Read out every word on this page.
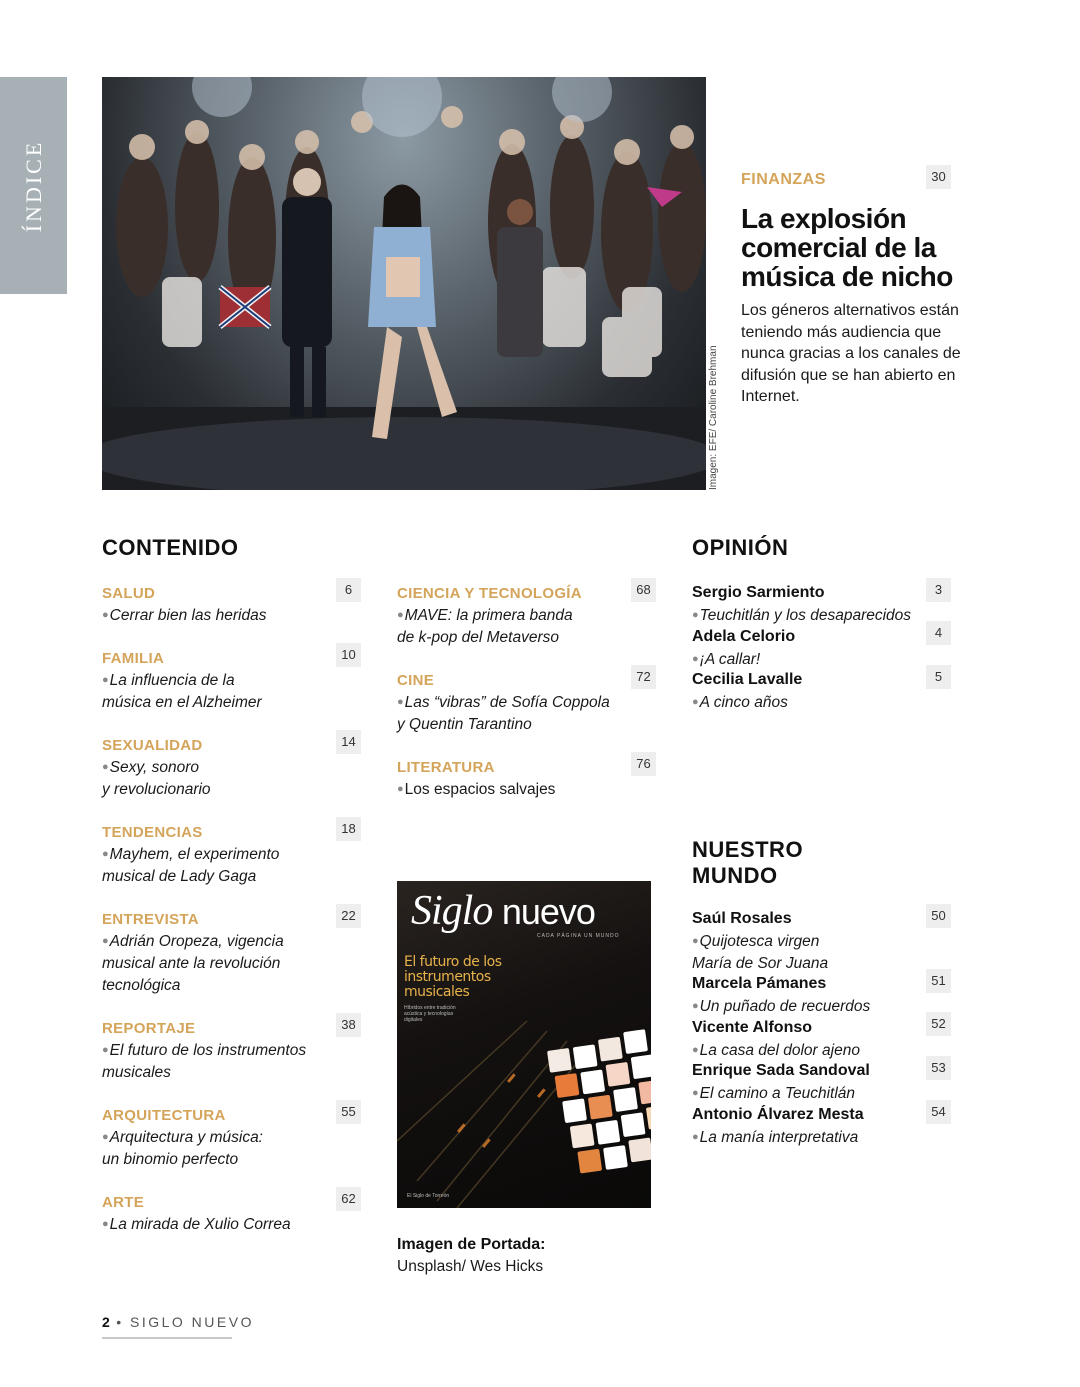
ÍNDICE
Imagen: EFE/ Caroline Brehman
FINANZAS	30
La explosión comercial de la música de nicho
Los géneros alternativos están teniendo más audiencia que nunca gracias a los canales de difusión que se han abierto en Internet.
CONTENIDO
SALUD
●Cerrar bien las heridas
6
FAMILIA
●La influencia de la
música en el Alzheimer
10
SEXUALIDAD
●Sexy, sonoro
y revolucionario
14
TENDENCIAS
●Mayhem, el experimento
musical de Lady Gaga
18
ENTREVISTA
●Adrián Oropeza, vigencia
musical ante la revolución
tecnológica
22
REPORTAJE
●El futuro de los instrumentos
musicales
38
ARQUITECTURA
●Arquitectura y música:
un binomio perfecto
55
ARTE
●La mirada de Xulio Correa
62
CIENCIA Y TECNOLOGÍA
●MAVE: la primera banda
de k-pop del Metaverso
68
CINE
●Las “vibras” de Sofía Coppola
y Quentin Tarantino
72
LITERATURA
●Los espacios salvajes
76
OPINIÓN
Sergio Sarmiento
●Teuchitlán y los desaparecidos
3
Adela Celorio
●¡A callar!
4
Cecilia Lavalle
●A cinco años
5
NUESTRO
MUNDO
Saúl Rosales
●Quijotesca virgen
María de Sor Juana
50
Marcela Pámanes
●Un puñado de recuerdos
51
Vicente Alfonso
●La casa del dolor ajeno
52
Enrique Sada Sandoval
●El camino a Teuchitlán
53
Antonio Álvarez Mesta
●La manía interpretativa
54
Siglo nuevo
CADA PÁGINA UN MUNDO
El futuro de los
instrumentos
musicales
Híbridos entre tradición
acústica y tecnologías
digitales
El Siglo de Torreón
Imagen de Portada:
Unsplash/ Wes Hicks
2 • SIGLO NUEVO
